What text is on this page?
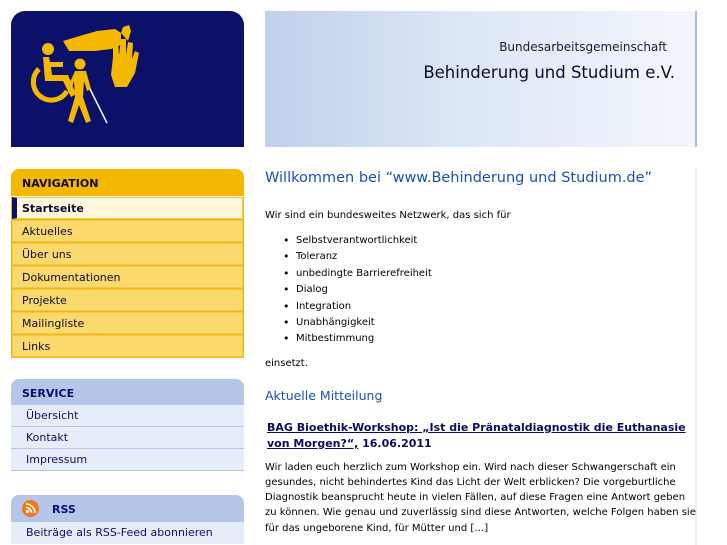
Bundesarbeitsgemeinschaft
Behinderung und Studium e.V.
NAVIGATION
Startseite
Aktuelles
Über uns
Dokumentationen
Projekte
Mailingliste
Links
SERVICE
Übersicht
Kontakt
Impressum
RSS
Beiträge als RSS-Feed abonnieren
Willkommen bei “www.Behinderung und Studium.de”
Wir sind ein bundesweites Netzwerk, das sich für
• Selbstverantwortlichkeit
• Toleranz
• unbedingte Barrierefreiheit
• Dialog
• Integration
• Unabhängigkeit
• Mitbestimmung
einsetzt.
Aktuelle Mitteilung
BAG Bioethik-Workshop: „Ist die Pränataldiagnostik die Euthanasie von Morgen?“, 16.06.2011
Wir laden euch herzlich zum Workshop ein. Wird nach dieser Schwangerschaft ein gesundes, nicht behindertes Kind das Licht der Welt erblicken? Die vorgeburtliche Diagnostik beansprucht heute in vielen Fällen, auf diese Fragen eine Antwort geben zu können. Wie genau und zuverlässig sind diese Antworten, welche Folgen haben sie für das ungeborene Kind, für Mütter und […]
